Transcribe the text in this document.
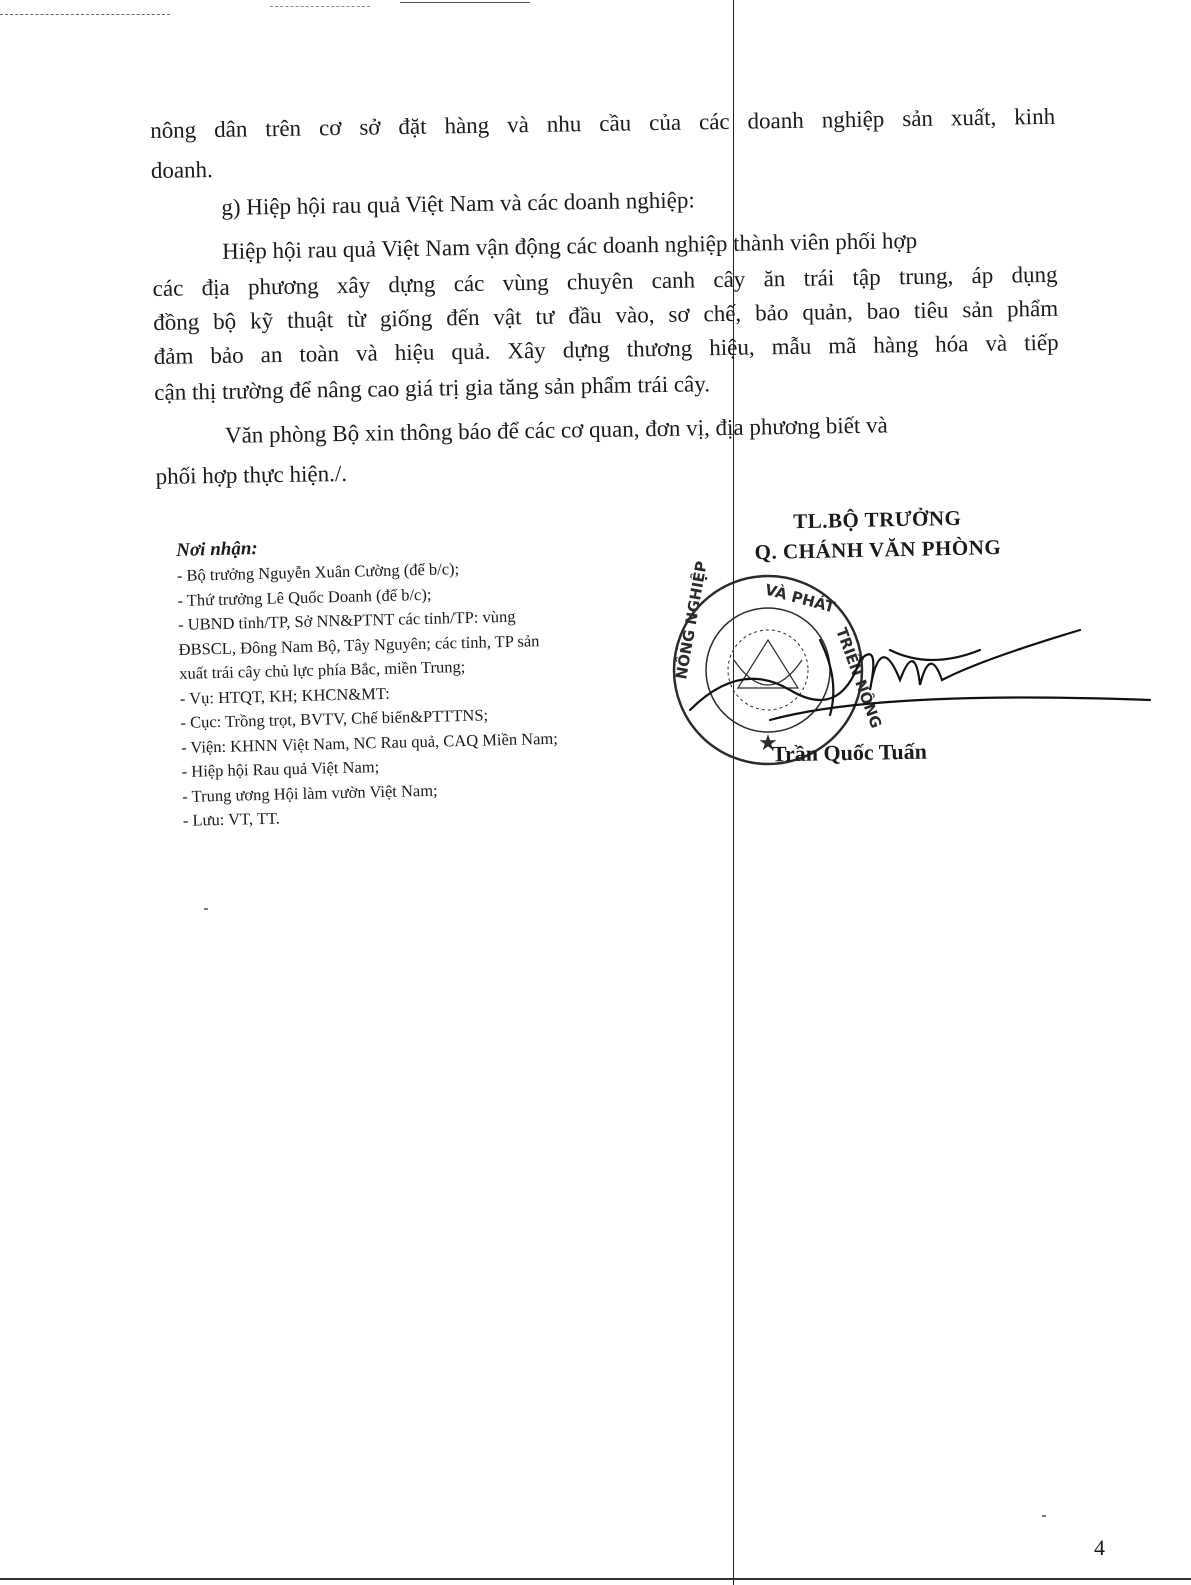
nông dân trên cơ sở đặt hàng và nhu cầu của các doanh nghiệp sản xuất, kinh
doanh.
g) Hiệp hội rau quả Việt Nam và các doanh nghiệp:
Hiệp hội rau quả Việt Nam vận động các doanh nghiệp thành viên phối hợp
các địa phương xây dựng các vùng chuyên canh cây ăn trái tập trung, áp dụng
đồng bộ kỹ thuật từ giống đến vật tư đầu vào, sơ chế, bảo quản, bao tiêu sản phẩm
đảm bảo an toàn và hiệu quả. Xây dựng thương hiệu, mẫu mã hàng hóa và tiếp
cận thị trường để nâng cao giá trị gia tăng sản phẩm trái cây.
Văn phòng Bộ xin thông báo để các cơ quan, đơn vị, địa phương biết và
phối hợp thực hiện./.
Nơi nhận:
- Bộ trưởng Nguyễn Xuân Cường (để b/c);
- Thứ trưởng Lê Quốc Doanh (để b/c);
- UBND tỉnh/TP, Sở NN&PTNT các tỉnh/TP: vùng
ĐBSCL, Đông Nam Bộ, Tây Nguyên; các tỉnh, TP sản
xuất trái cây chủ lực phía Bắc, miền Trung;
- Vụ: HTQT, KH; KHCN&MT:
- Cục: Trồng trọt, BVTV, Chế biến&PTTTNS;
- Viện: KHNN Việt Nam, NC Rau quả, CAQ Miền Nam;
- Hiệp hội Rau quả Việt Nam;
- Trung ương Hội làm vườn Việt Nam;
- Lưu: VT, TT.
TL.BỘ TRƯỞNG
Q. CHÁNH VĂN PHÒNG
★
NÔNG NGHIỆP	VÀ PHÁT
TRIỂN NÔNG
Trần Quốc Tuấn
4
